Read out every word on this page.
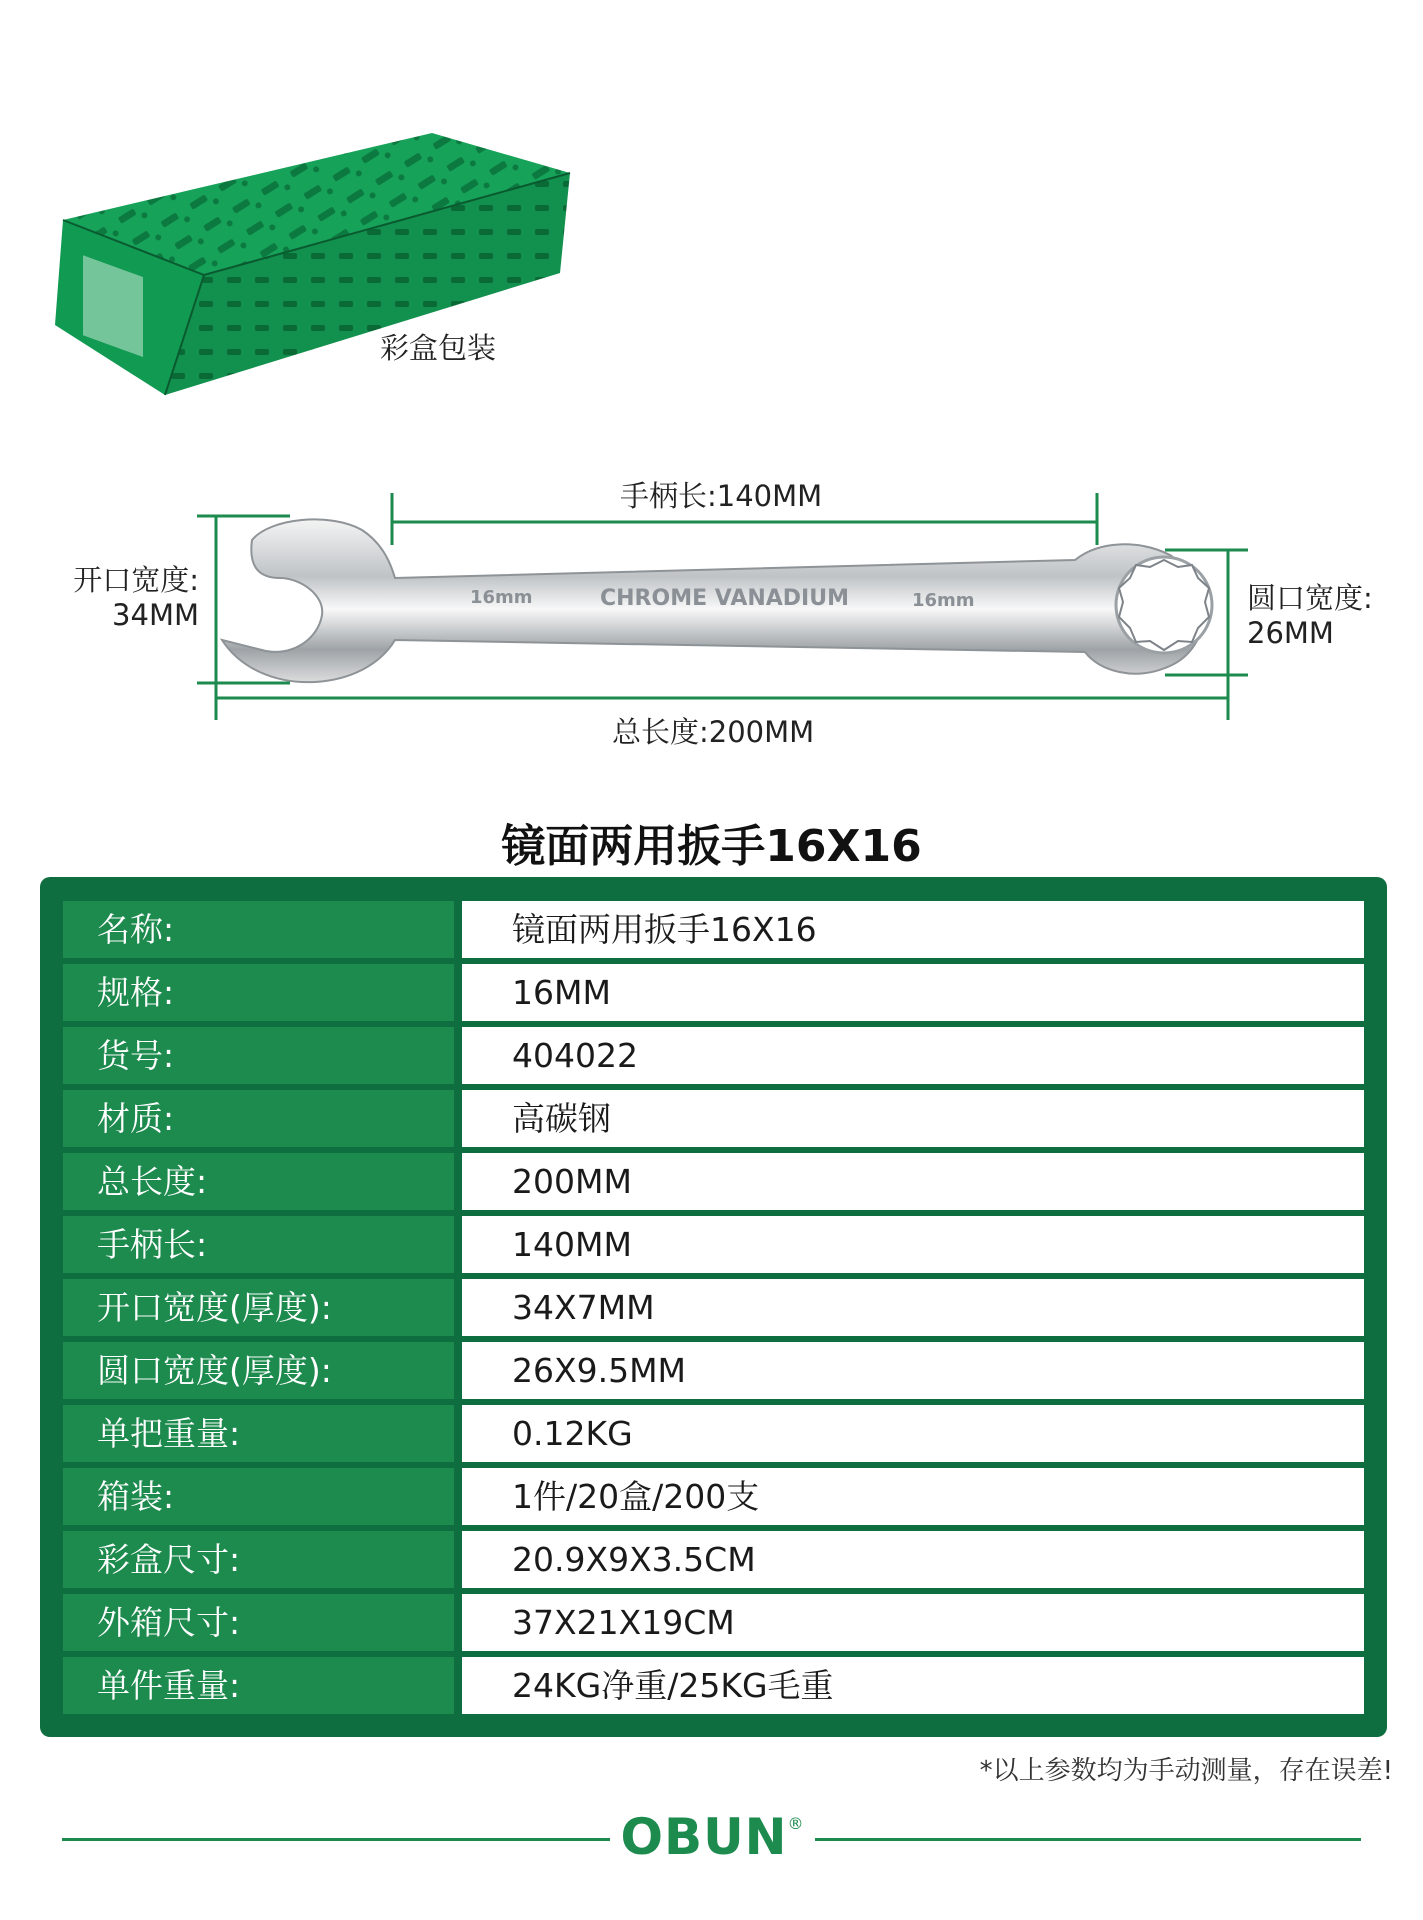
彩盒包装
CHROME VANADIUM
16mm	16mm
手柄长:140MM
总长度:200MM
开口宽度:
34MM	圆口宽度:
26MM
镜面两用扳手16X16
名称:	镜面两用扳手16X16
规格:	16MM
货号:	404022
材质:	高碳钢
总长度:	200MM
手柄长:	140MM
开口宽度(厚度):	34X7MM
圆口宽度(厚度):	26X9.5MM
单把重量:	0.12KG
箱装:	1件/20盒/200支
彩盒尺寸:	20.9X9X3.5CM
外箱尺寸:	37X21X19CM
单件重量:	24KG净重/25KG毛重
*以上参数均为手动测量，存在误差!
OBUN®
